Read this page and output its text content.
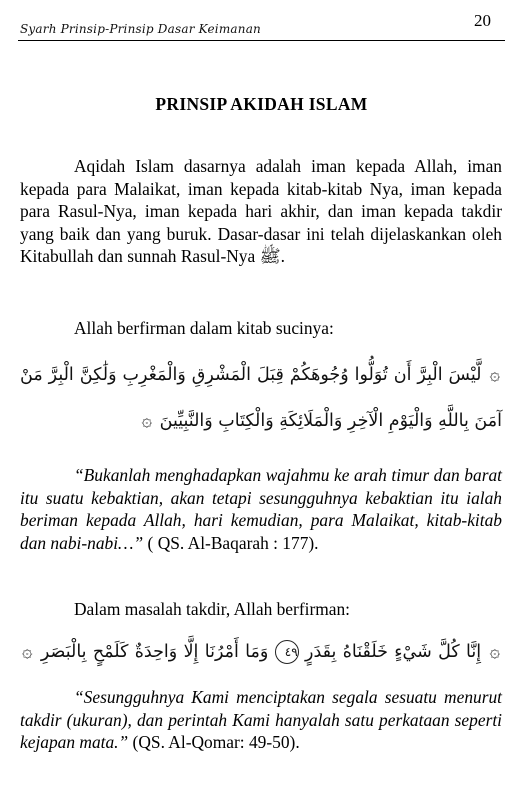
Syarh Prinsip-Prinsip Dasar Keimanan	20
PRINSIP AKIDAH ISLAM

Aqidah Islam dasarnya adalah iman kepada Allah, iman kepada para Malaikat, iman kepada kitab-kitab Nya, iman kepada para Rasul-Nya, iman kepada hari akhir, dan iman kepada takdir yang baik dan yang buruk. Dasar-dasar ini telah dijelaskankan oleh Kitabullah dan sunnah Rasul-Nya ﷺ.

Allah berfirman dalam kitab sucinya:
۞ لَّيْسَ الْبِرَّ أَن تُوَلُّوا وُجُوهَكُمْ قِبَلَ الْمَشْرِقِ وَالْمَغْرِبِ وَلَٰكِنَّ الْبِرَّ مَنْ
آمَنَ بِاللَّهِ وَالْيَوْمِ الْآخِرِ وَالْمَلَائِكَةِ وَالْكِتَابِ وَالنَّبِيِّينَ ۞

“Bukanlah menghadapkan wajahmu ke arah timur dan barat itu suatu kebaktian, akan tetapi sesungguhnya kebaktian itu ialah beriman kepada Allah, hari kemudian, para Malaikat, kitab-kitab dan nabi-nabi…” ( QS. Al-Baqarah : 177).

Dalam masalah takdir, Allah berfirman:
۞ إِنَّا كُلَّ شَيْءٍ خَلَقْنَاهُ بِقَدَرٍ ٤٩ وَمَا أَمْرُنَا إِلَّا وَاحِدَةٌ كَلَمْحٍ بِالْبَصَرِ ۞

“Sesungguhnya Kami menciptakan segala sesuatu menurut takdir (ukuran), dan perintah Kami hanyalah satu perkataan seperti kejapan mata.” (QS. Al-Qomar: 49-50).
